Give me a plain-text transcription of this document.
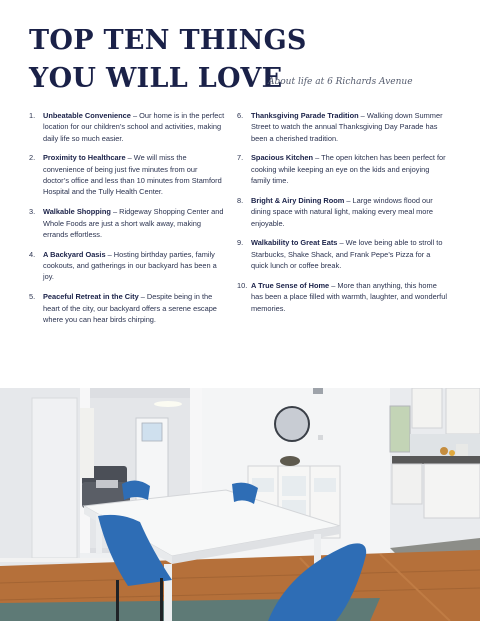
TOP TEN THINGS
YOU WILL LOVE
About life at 6 Richards Avenue
1.	Unbeatable Convenience – Our home is in the perfect location for our children’s school and activities, making daily life so much easier.
2.	Proximity to Healthcare – We will miss the convenience of being just five minutes from our doctor’s office and less than 10 minutes from Stamford Hospital and the Tully Health Center.
3.	Walkable Shopping – Ridgeway Shopping Center and Whole Foods are just a short walk away, making errands effortless.
4.	A Backyard Oasis – Hosting birthday parties, family cookouts, and gatherings in our backyard has been a joy.
5.	Peaceful Retreat in the City – Despite being in the heart of the city, our backyard offers a serene escape where you can hear birds chirping.
6.	Thanksgiving Parade Tradition – Walking down Summer Street to watch the annual Thanksgiving Day Parade has been a cherished tradition.
7.	Spacious Kitchen – The open kitchen has been perfect for cooking while keeping an eye on the kids and enjoying family time.
8.	Bright & Airy Dining Room – Large windows flood our dining space with natural light, making every meal more enjoyable.
9.	Walkability to Great Eats – We love being able to stroll to Starbucks, Shake Shack, and Frank Pepe’s Pizza for a quick lunch or coffee break.
10. A True Sense of Home – More than anything, this home has been a place filled with warmth, laughter, and wonderful memories.
